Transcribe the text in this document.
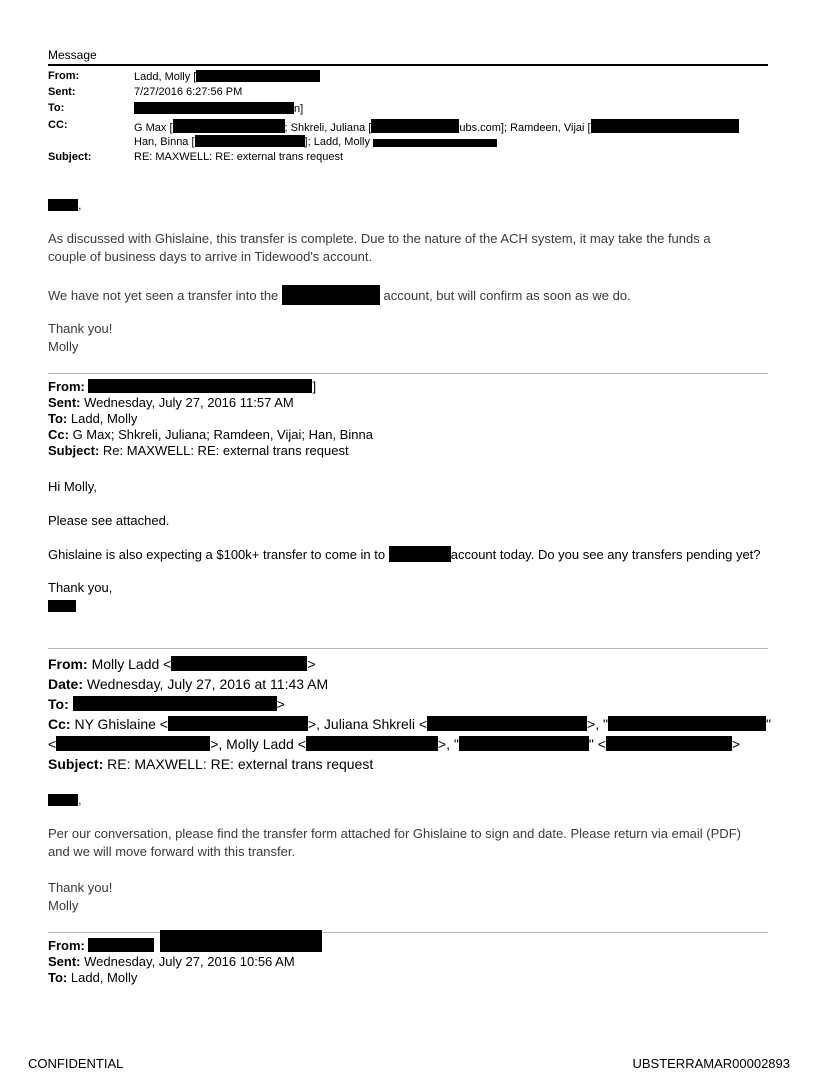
Message
From:	Ladd, Molly [
Sent:	7/27/2016 6:27:56 PM
To:	n]
CC:	G Max [	; Shkreli, Juliana [	ubs.com]; Ramdeen, Vijai [
Han, Binna [	]; Ladd, Molly
Subject:	RE: MAXWELL: RE: external trans request
,
As discussed with Ghislaine, this transfer is complete. Due to the nature of the ACH system, it may take the funds a
couple of business days to arrive in Tidewood's account.
We have not yet seen a transfer into the	account, but will confirm as soon as we do.
Thank you!
Molly
From:	]
Sent: Wednesday, July 27, 2016 11:57 AM
To: Ladd, Molly
Cc: G Max; Shkreli, Juliana; Ramdeen, Vijai; Han, Binna
Subject: Re: MAXWELL: RE: external trans request
Hi Molly,
Please see attached.
Ghislaine is also expecting a $100k+ transfer to come in to	account today. Do you see any transfers pending yet?
Thank you,
From: Molly Ladd <	>
Date: Wednesday, July 27, 2016 at 11:43 AM
To:	>
Cc: NY Ghislaine <	>, Juliana Shkreli <	>, "	"
<	>, Molly Ladd <	>, "	" <	>
Subject: RE: MAXWELL: RE: external trans request
,
Per our conversation, please find the transfer form attached for Ghislaine to sign and date. Please return via email (PDF)
and we will move forward with this transfer.
Thank you!
Molly
From:
Sent: Wednesday, July 27, 2016 10:56 AM
To: Ladd, Molly
CONFIDENTIAL	UBSTERRAMAR00002893
